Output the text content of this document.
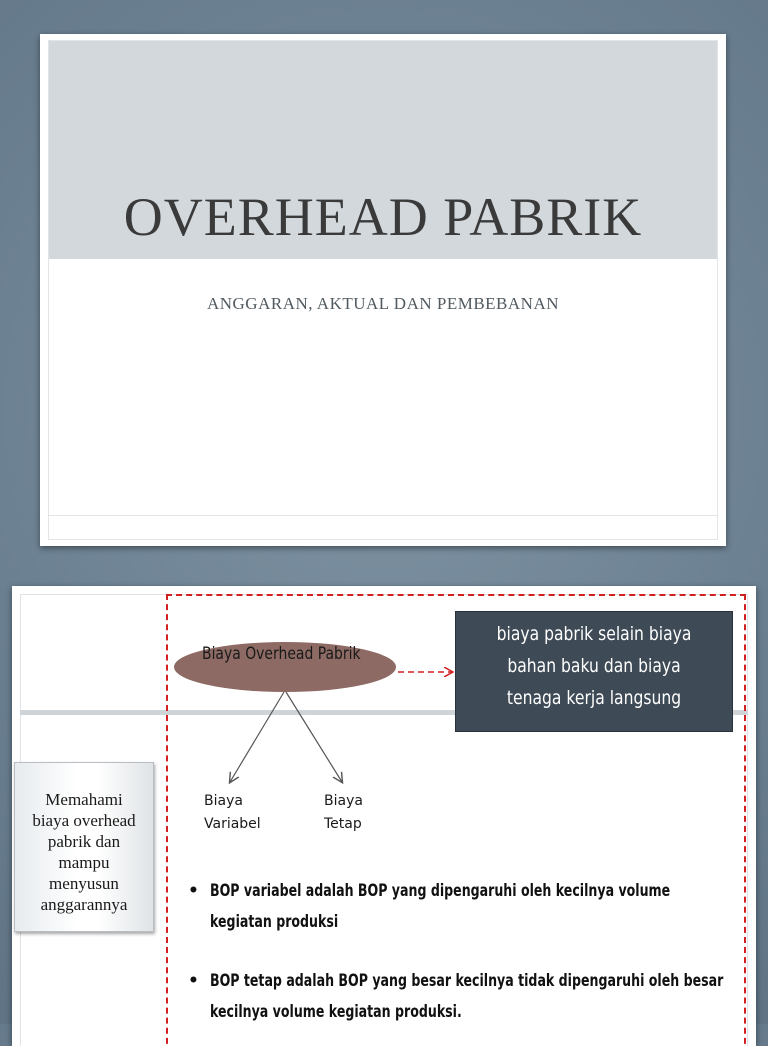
OVERHEAD PABRIK
ANGGARAN, AKTUAL DAN PEMBEBANAN
Biaya Overhead Pabrik
biaya pabrik selain biaya
bahan baku dan biaya
tenaga kerja langsung
Biaya
Variabel
Biaya
Tetap
Memahami
biaya overhead
pabrik dan
mampu
menyusun
anggarannya
• BOP variabel adalah BOP yang dipengaruhi oleh kecilnya volume kegiatan produksi
• BOP tetap adalah BOP yang besar kecilnya tidak dipengaruhi oleh besar kecilnya volume kegiatan produksi.
